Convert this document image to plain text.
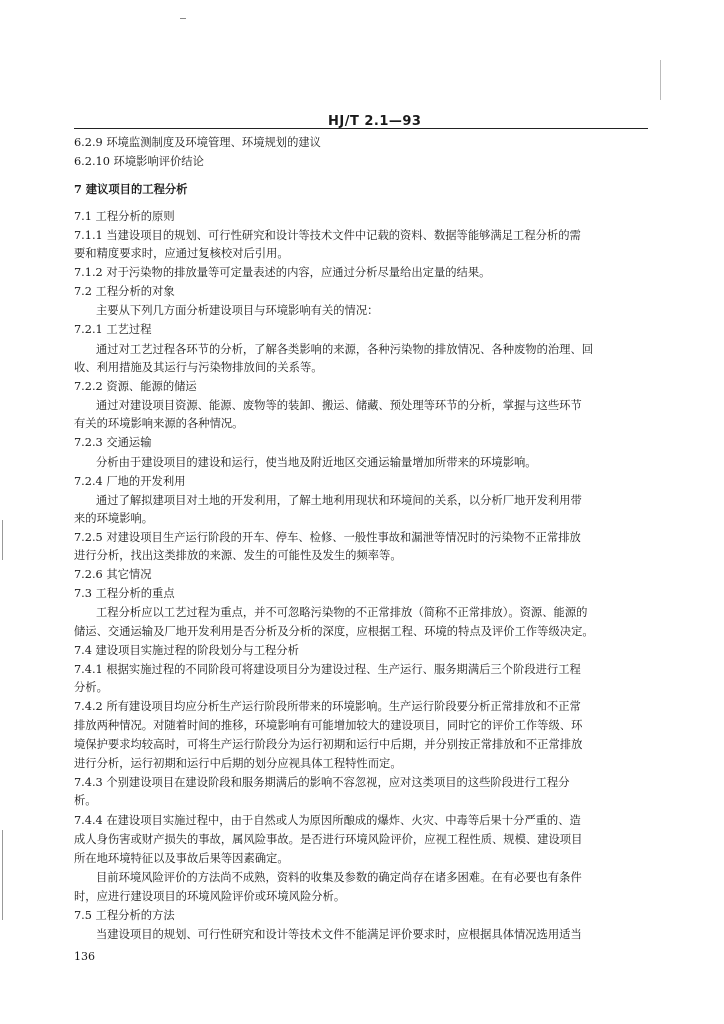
HJ/T 2.1—93
6.2.9 环境监测制度及环境管理、环境规划的建议
6.2.10 环境影响评价结论
7 建议项目的工程分析
7.1 工程分析的原则
7.1.1 当建设项目的规划、可行性研究和设计等技术文件中记载的资料、数据等能够满足工程分析的需
要和精度要求时，应通过复核校对后引用。
7.1.2 对于污染物的排放量等可定量表述的内容，应通过分析尽量给出定量的结果。
7.2 工程分析的对象
主要从下列几方面分析建设项目与环境影响有关的情况：
7.2.1 工艺过程
通过对工艺过程各环节的分析，了解各类影响的来源，各种污染物的排放情况、各种废物的治理、回
收、利用措施及其运行与污染物排放间的关系等。
7.2.2 资源、能源的储运
通过对建设项目资源、能源、废物等的装卸、搬运、储藏、预处理等环节的分析，掌握与这些环节
有关的环境影响来源的各种情况。
7.2.3 交通运输
分析由于建设项目的建设和运行，使当地及附近地区交通运输量增加所带来的环境影响。
7.2.4 厂地的开发利用
通过了解拟建项目对土地的开发利用，了解土地利用现状和环境间的关系，以分析厂地开发利用带
来的环境影响。
7.2.5 对建设项目生产运行阶段的开车、停车、检修、一般性事故和漏泄等情况时的污染物不正常排放
进行分析，找出这类排放的来源、发生的可能性及发生的频率等。
7.2.6 其它情况
7.3 工程分析的重点
工程分析应以工艺过程为重点，并不可忽略污染物的不正常排放（简称不正常排放）。资源、能源的
储运、交通运输及厂地开发利用是否分析及分析的深度，应根据工程、环境的特点及评价工作等级决定。
7.4 建设项目实施过程的阶段划分与工程分析
7.4.1 根据实施过程的不同阶段可将建设项目分为建设过程、生产运行、服务期满后三个阶段进行工程
分析。
7.4.2 所有建设项目均应分析生产运行阶段所带来的环境影响。生产运行阶段要分析正常排放和不正常
排放两种情况。对随着时间的推移，环境影响有可能增加较大的建设项目，同时它的评价工作等级、环
境保护要求均较高时，可将生产运行阶段分为运行初期和运行中后期，并分别按正常排放和不正常排放
进行分析，运行初期和运行中后期的划分应视具体工程特性而定。
7.4.3 个别建设项目在建设阶段和服务期满后的影响不容忽视，应对这类项目的这些阶段进行工程分
析。
7.4.4 在建设项目实施过程中，由于自然或人为原因所酿成的爆炸、火灾、中毒等后果十分严重的、造
成人身伤害或财产损失的事故，属风险事故。是否进行环境风险评价，应视工程性质、规模、建设项目
所在地环境特征以及事故后果等因素确定。
目前环境风险评价的方法尚不成熟，资料的收集及参数的确定尚存在诸多困难。在有必要也有条件
时，应进行建设项目的环境风险评价或环境风险分析。
7.5 工程分析的方法
当建设项目的规划、可行性研究和设计等技术文件不能满足评价要求时，应根据具体情况选用适当
136
